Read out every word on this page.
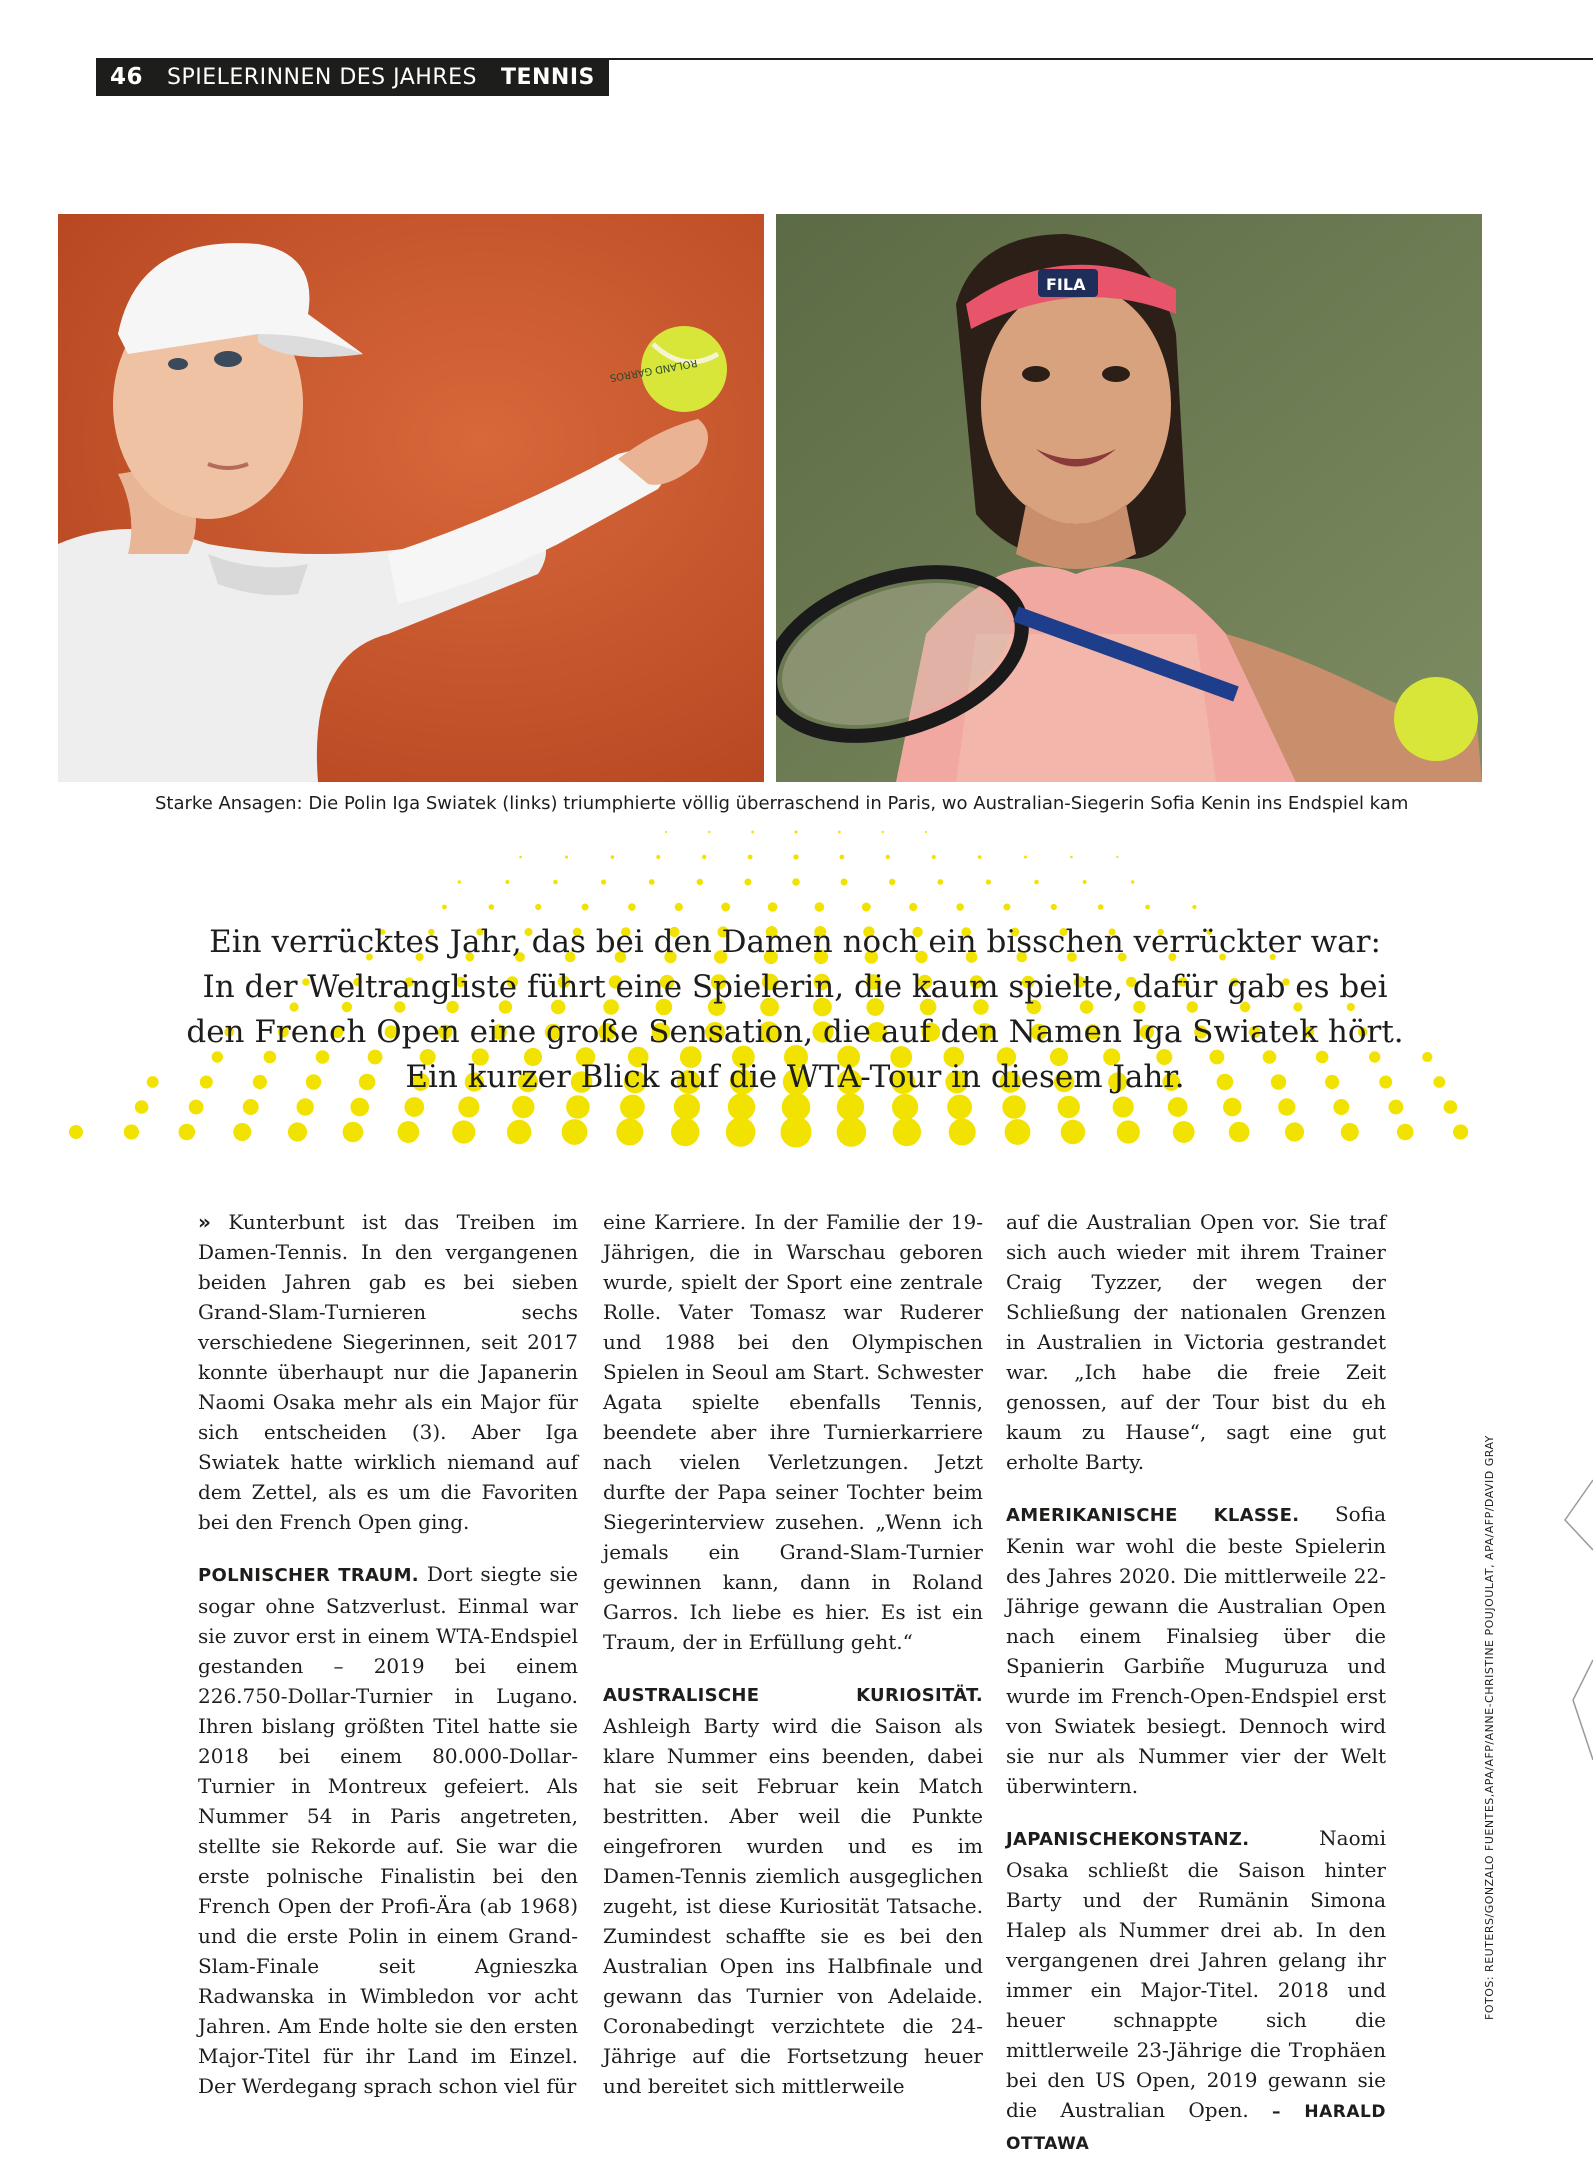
46 SPIELERINNEN DES JAHRES TENNIS
ROLAND GARROS
FILA
Starke Ansagen: Die Polin Iga Swiatek (links) triumphierte völlig überraschend in Paris, wo Australian-Siegerin Sofia Kenin ins Endspiel kam
Ein verrücktes Jahr, das bei den Damen noch ein bisschen verrückter war:
In der Weltrangliste führt eine Spielerin, die kaum spielte, dafür gab es bei
den French Open eine große Sensation, die auf den Namen Iga Swiatek hört.
Ein kurzer Blick auf die WTA-Tour in diesem Jahr.

» Kunterbunt ist das Treiben im Damen-Tennis. In den vergangenen beiden Jahren gab es bei sieben Grand-Slam-Turnieren sechs verschiedene Siegerinnen, seit 2017 konnte überhaupt nur die Japanerin Naomi Osaka mehr als ein Major für sich entscheiden (3). Aber Iga Swiatek hatte wirklich niemand auf dem Zettel, als es um die Favoriten bei den French Open ging.

POLNISCHER TRAUM. Dort siegte sie sogar ohne Satzverlust. Einmal war sie zuvor erst in einem WTA-Endspiel gestanden – 2019 bei einem 226.750-Dollar-Turnier in Lugano. Ihren bislang größten Titel hatte sie 2018 bei einem 80.000-Dollar-Turnier in Montreux gefeiert. Als Nummer 54 in Paris angetreten, stellte sie Rekorde auf. Sie war die erste polnische Finalistin bei den French Open der Profi-Ära (ab 1968) und die erste Polin in einem Grand-Slam-Finale seit Agnieszka Radwanska in Wimbledon vor acht Jahren. Am Ende holte sie den ersten Major-Titel für ihr Land im Einzel. Der Werdegang sprach schon viel für

eine Karriere. In der Familie der 19-Jährigen, die in Warschau geboren wurde, spielt der Sport eine zentrale Rolle. Vater Tomasz war Ruderer und 1988 bei den Olympischen Spielen in Seoul am Start. Schwester Agata spielte ebenfalls Tennis, beendete aber ihre Turnierkarriere nach vielen Verletzungen. Jetzt durfte der Papa seiner Tochter beim Siegerinterview zusehen. „Wenn ich jemals ein Grand-Slam-Turnier gewinnen kann, dann in Roland Garros. Ich liebe es hier. Es ist ein Traum, der in Erfüllung geht.“

AUSTRALISCHE KURIOSITÄT. Ashleigh Barty wird die Saison als klare Nummer eins beenden, dabei hat sie seit Februar kein Match bestritten. Aber weil die Punkte eingefroren wurden und es im Damen-Tennis ziemlich ausgeglichen zugeht, ist diese Kuriosität Tatsache. Zumindest schaffte sie es bei den Australian Open ins Halbfinale und gewann das Turnier von Adelaide. Coronabedingt verzichtete die 24-Jährige auf die Fortsetzung heuer und bereitet sich mittlerweile

auf die Australian Open vor. Sie traf sich auch wieder mit ihrem Trainer Craig Tyzzer, der wegen der Schließung der nationalen Grenzen in Australien in Victoria gestrandet war. „Ich habe die freie Zeit genossen, auf der Tour bist du eh kaum zu Hause“, sagt eine gut erholte Barty.

AMERIKANISCHE KLASSE. Sofia Kenin war wohl die beste Spielerin des Jahres 2020. Die mittlerweile 22-Jährige gewann die Australian Open nach einem Finalsieg über die Spanierin Garbiñe Muguruza und wurde im French-Open-Endspiel erst von Swiatek besiegt. Dennoch wird sie nur als Nummer vier der Welt überwintern.

JAPANISCHEKONSTANZ.	Naomi Osaka schließt die Saison hinter Barty und der Rumänin Simona Halep als Nummer drei ab. In den vergangenen drei Jahren gelang ihr immer ein Major-Titel. 2018 und heuer schnappte sich die mittlerweile 23-Jährige die Trophäen bei den US Open, 2019 gewann sie die Australian Open. – HARALD OTTAWA

FOTOS: REUTERS/GONZALO FUENTES,APA/AFP/ANNE-CHRISTINE POUJOULAT, APA/AFP/DAVID GRAY
